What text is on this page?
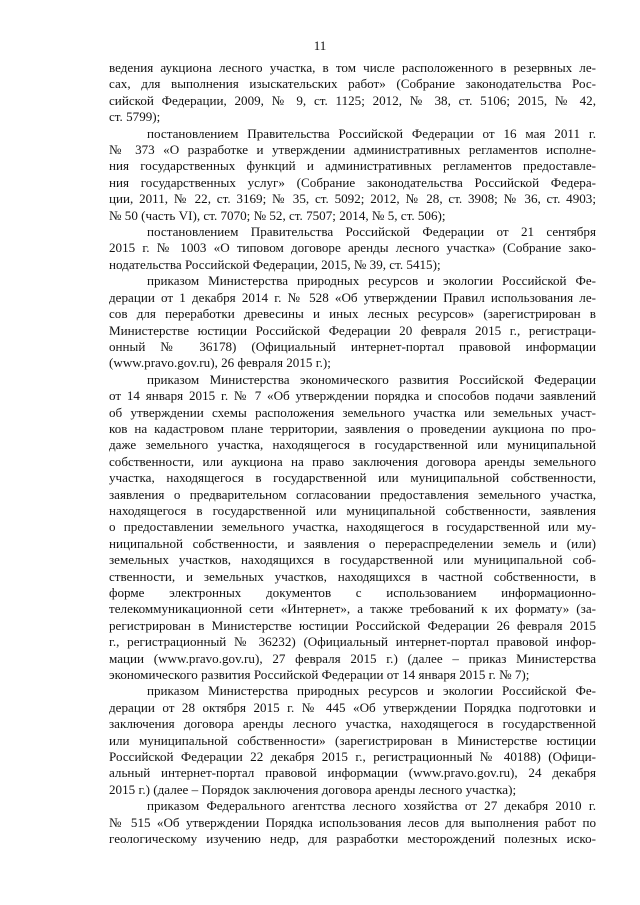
11
ведения аукциона лесного участка, в том числе расположенного в резервных ле-
сах, для выполнения изыскательских работ» (Собрание законодательства Рос-
сийской Федерации, 2009, № 9, ст. 1125; 2012, № 38, ст. 5106; 2015, № 42,
ст. 5799);
постановлением Правительства Российской Федерации от 16 мая 2011 г.
№ 373 «О разработке и утверждении административных регламентов исполне-
ния государственных функций и административных регламентов предоставле-
ния государственных услуг» (Собрание законодательства Российской Федера-
ции, 2011, № 22, ст. 3169; № 35, ст. 5092; 2012, № 28, ст. 3908; № 36, ст. 4903;
№ 50 (часть VI), ст. 7070; № 52, ст. 7507; 2014, № 5, ст. 506);
постановлением Правительства Российской Федерации от 21 сентября
2015 г. № 1003 «О типовом договоре аренды лесного участка» (Собрание зако-
нодательства Российской Федерации, 2015, № 39, ст. 5415);
приказом Министерства природных ресурсов и экологии Российской Фе-
дерации от 1 декабря 2014 г. № 528 «Об утверждении Правил использования ле-
сов для переработки древесины и иных лесных ресурсов» (зарегистрирован в
Министерстве юстиции Российской Федерации 20 февраля 2015 г., регистраци-
онный № 36178) (Официальный интернет-портал правовой информации
(www.pravo.gov.ru), 26 февраля 2015 г.);
приказом Министерства экономического развития Российской Федерации
от 14 января 2015 г. № 7 «Об утверждении порядка и способов подачи заявлений
об утверждении схемы расположения земельного участка или земельных участ-
ков на кадастровом плане территории, заявления о проведении аукциона по про-
даже земельного участка, находящегося в государственной или муниципальной
собственности, или аукциона на право заключения договора аренды земельного
участка, находящегося в государственной или муниципальной собственности,
заявления о предварительном согласовании предоставления земельного участка,
находящегося в государственной или муниципальной собственности, заявления
о предоставлении земельного участка, находящегося в государственной или му-
ниципальной собственности, и заявления о перераспределении земель и (или)
земельных участков, находящихся в государственной или муниципальной соб-
ственности, и земельных участков, находящихся в частной собственности, в
форме электронных документов с использованием информационно-
телекоммуникационной сети «Интернет», а также требований к их формату» (за-
регистрирован в Министерстве юстиции Российской Федерации 26 февраля 2015
г., регистрационный № 36232) (Официальный интернет-портал правовой инфор-
мации (www.pravo.gov.ru), 27 февраля 2015 г.) (далее – приказ Министерства
экономического развития Российской Федерации от 14 января 2015 г. № 7);
приказом Министерства природных ресурсов и экологии Российской Фе-
дерации от 28 октября 2015 г. № 445 «Об утверждении Порядка подготовки и
заключения договора аренды лесного участка, находящегося в государственной
или муниципальной собственности» (зарегистрирован в Министерстве юстиции
Российской Федерации 22 декабря 2015 г., регистрационный № 40188) (Офици-
альный интернет-портал правовой информации (www.pravo.gov.ru), 24 декабря
2015 г.) (далее – Порядок заключения договора аренды лесного участка);
приказом Федерального агентства лесного хозяйства от 27 декабря 2010 г.
№ 515 «Об утверждении Порядка использования лесов для выполнения работ по
геологическому изучению недр, для разработки месторождений полезных иско-
